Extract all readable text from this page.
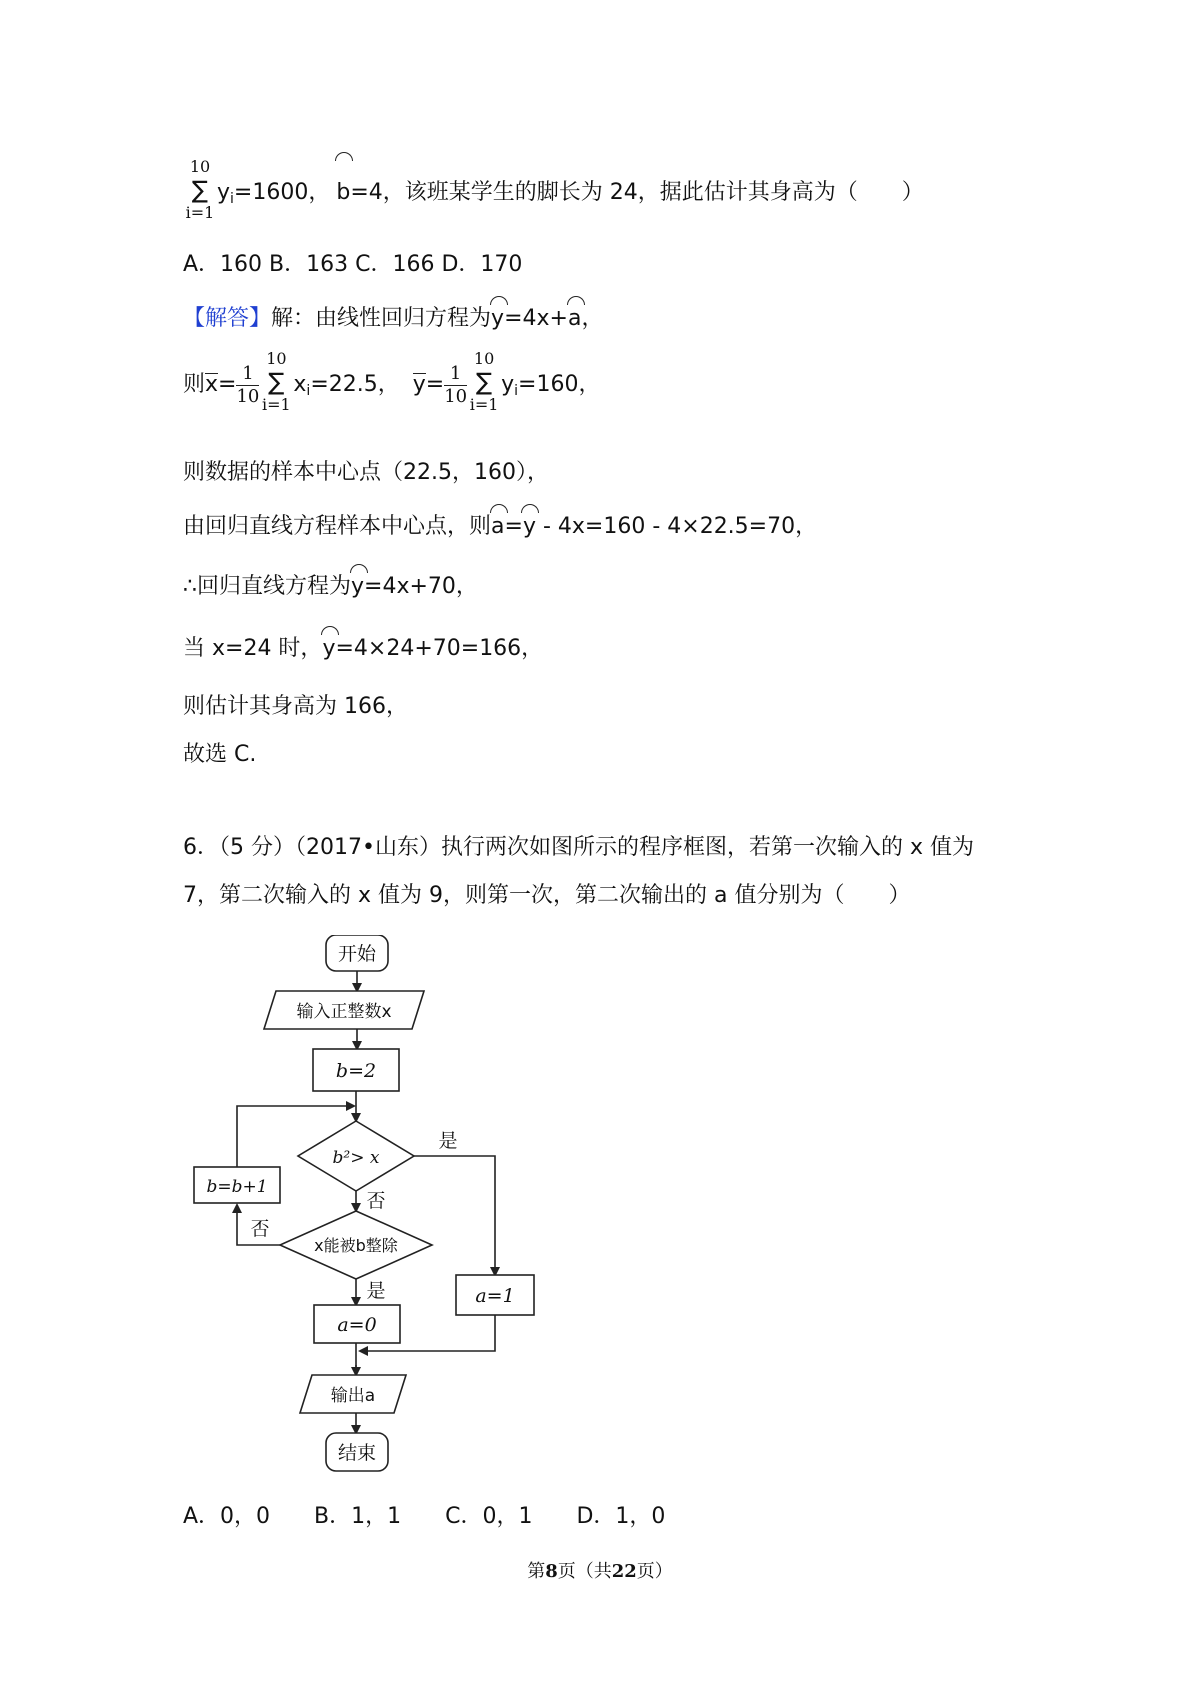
10
∑
i=1
$y_i=1600$， b=4，该班某学生的脚长为 24，据此估计其身高为（　　）
A．160 B．163 C．166 D．170
【解答】解：由线性回归方程为y=4x+a，
则$x= \frac{1}{10}$
10
∑
i=1
$x_i=22.5$， $y= \frac{1}{10}$
10
∑
i=1
$y_i=160$，
则数据的样本中心点（22.5，160），
由回归直线方程样本中心点，则a=y - 4x=160 - 4×22.5=70，
∴回归直线方程为y=4x+70，
当 x=24 时，y=4×24+70=166，
则估计其身高为 166，
故选 C.
6．（5 分）（2017•山东）执行两次如图所示的程序框图，若第一次输入的 x 值为
7，第二次输入的 x 值为 9，则第一次，第二次输出的 a 值分别为（　　）
开始
输入正整数x
b=2
b²> x
是
否
b=b+1
x能被b整除
否
是
a=0
a=1
输出a
结束
A．0，0　　B．1，1　　C．0，1　　D．1，0
第8页（共22页）
